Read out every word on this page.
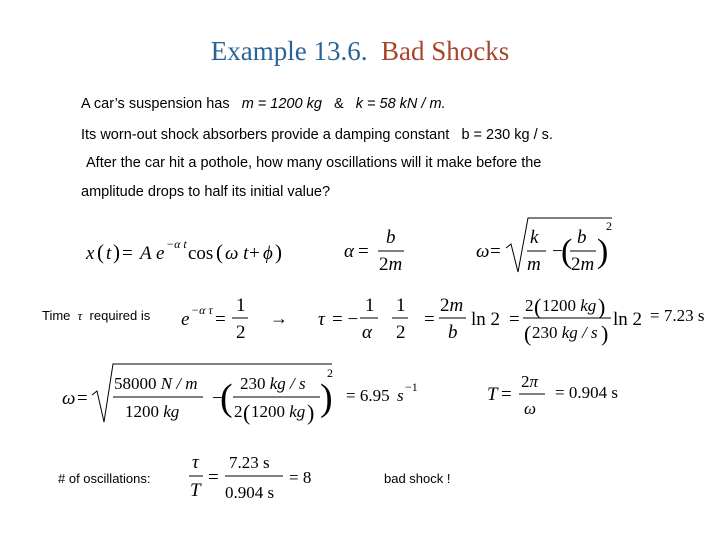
Example 13.6. Bad Shocks
A car’s suspension has m = 1200 kg & k = 58 kN / m.
Its worn-out shock absorbers provide a damping constant b = 230 kg / s.
After the car hit a pothole, how many oscillations will it make before the
amplitude drops to half its initial value?
x ( t ) = A e −α t cos ( ω t + ϕ )	α =
b
2m
ω =
k
m
−
( b
2m )
2
e −α τ =
1
2
τ = −
1
α
1
2
=
2m
b
ln 2 =
2 ( 1200 kg )
( 230 kg / s )
ln 2 = 7.23 s
ω =
58000 N / m
1200 kg
−
( 230 kg / s
2 ( 1200 kg ) )
2
= 6.95 s −1	T =
2π
ω
= 0.904 s
τ
T
=
7.23 s
0.904 s
= 8
Time τ required is	→
# of oscillations:	bad shock !
